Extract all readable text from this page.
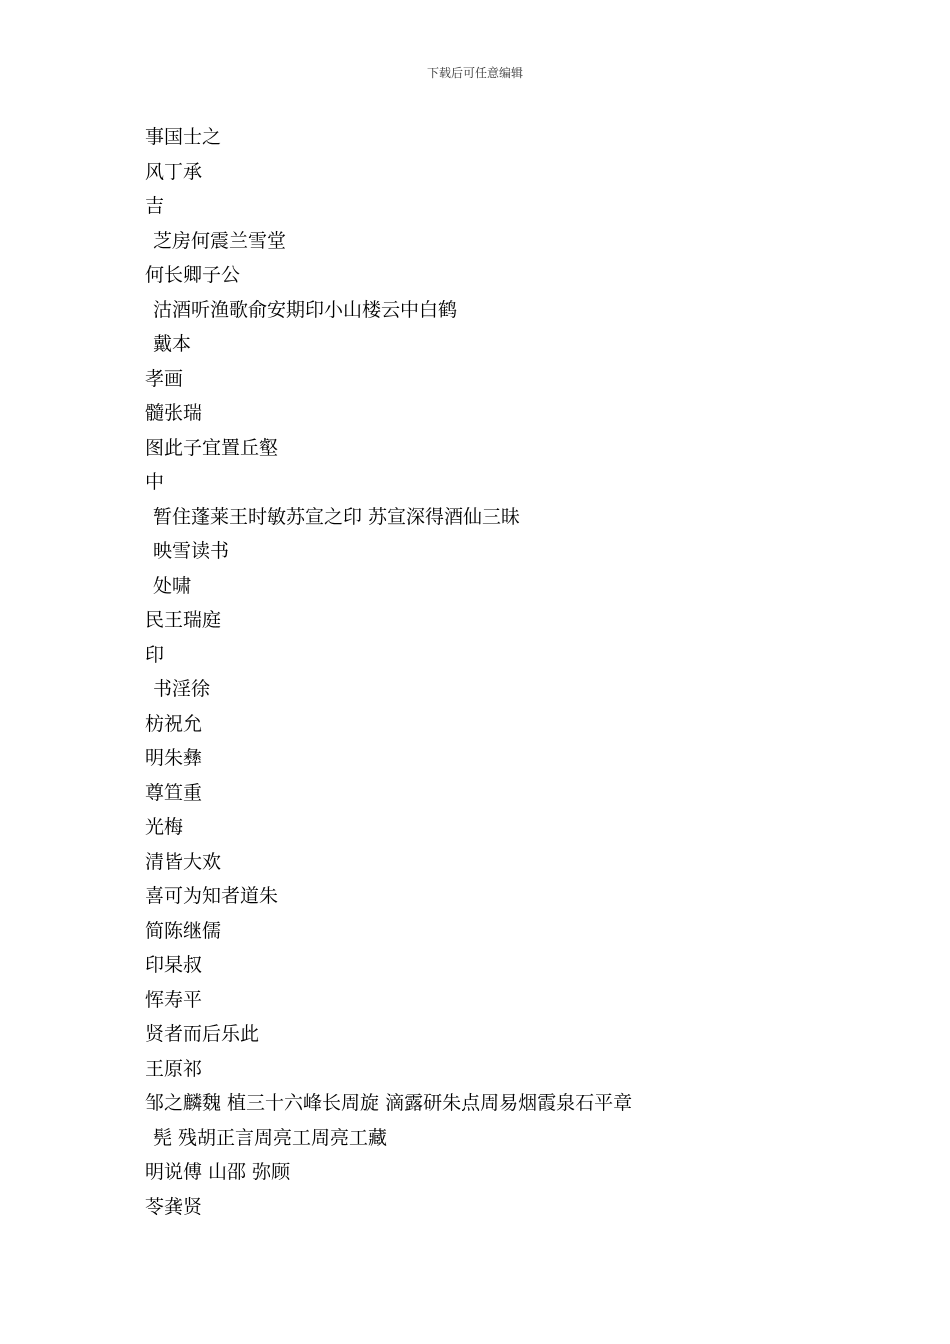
下载后可任意编辑
事国士之
风丁承
吉
芝房何震兰雪堂
何长卿子公
沽酒听渔歌俞安期印小山楼云中白鹤
戴本
孝画
髓张瑞
图此子宜置丘壑
中
暂住蓬莱王时敏苏宣之印 苏宣深得酒仙三昧
映雪读书
处啸
民王瑞庭
印
书淫徐
枋祝允
明朱彝
尊笪重
光梅
清皆大欢
喜可为知者道朱
简陈继儒
印杲叔
恽寿平
贤者而后乐此
王原祁
邹之麟魏 植三十六峰长周旋 滴露研朱点周易烟霞泉石平章
髡 残胡正言周亮工周亮工藏
明说傅 山邵 弥顾
苓龚贤
